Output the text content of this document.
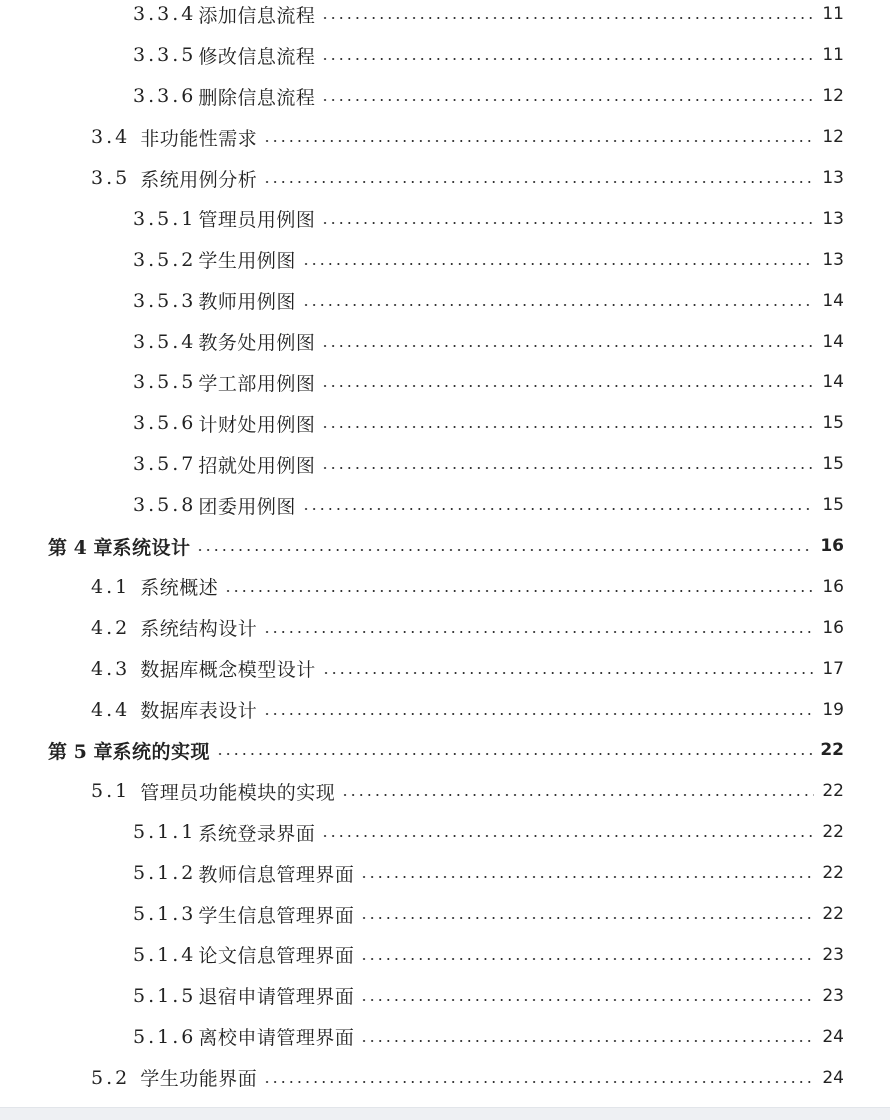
3.3.4 添加信息流程	11
3.3.5 修改信息流程	11
3.3.6 删除信息流程	12
3.4 非功能性需求	12
3.5 系统用例分析	13
3.5.1 管理员用例图	13
3.5.2 学生用例图	13
3.5.3 教师用例图	14
3.5.4 教务处用例图	14
3.5.5 学工部用例图	14
3.5.6 计财处用例图	15
3.5.7 招就处用例图	15
3.5.8 团委用例图	15
第 4 章 系统设计	16
4.1 系统概述	16
4.2 系统结构设计	16
4.3 数据库概念模型设计	17
4.4 数据库表设计	19
第 5 章 系统的实现	22
5.1 管理员功能模块的实现	22
5.1.1 系统登录界面	22
5.1.2 教师信息管理界面	22
5.1.3 学生信息管理界面	22
5.1.4 论文信息管理界面	23
5.1.5 退宿申请管理界面	23
5.1.6 离校申请管理界面	24
5.2 学生功能界面	24
